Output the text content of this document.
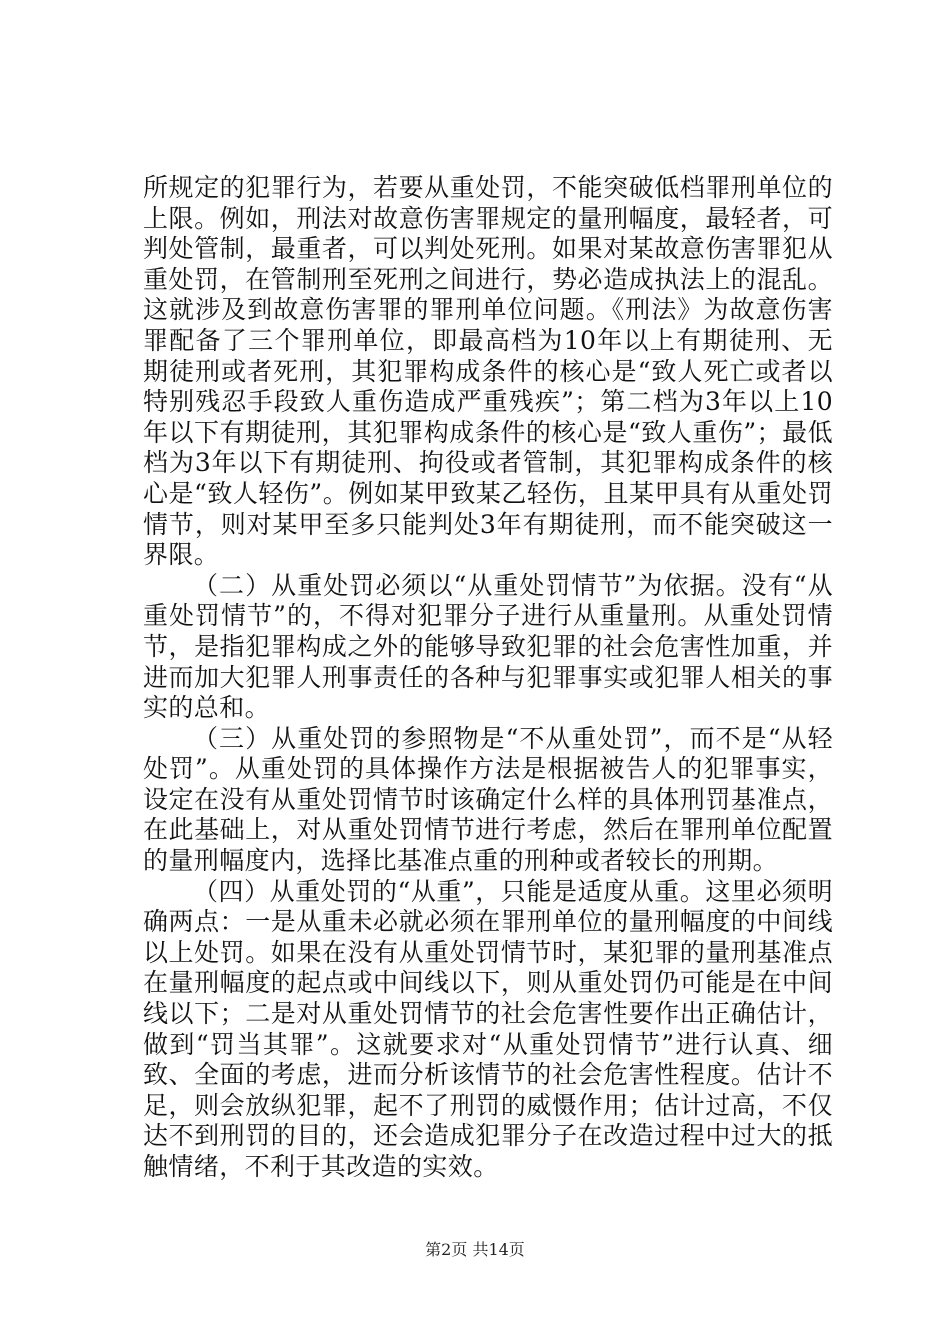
所规定的犯罪行为，若要从重处罚，不能突破低档罪刑单位的上限。例如，刑法对故意伤害罪规定的量刑幅度，最轻者，可判处管制，最重者，可以判处死刑。如果对某故意伤害罪犯从重处罚，在管制刑至死刑之间进行，势必造成执法上的混乱。这就涉及到故意伤害罪的罪刑单位问题。《刑法》为故意伤害罪配备了三个罪刑单位，即最高档为10年以上有期徒刑、无期徒刑或者死刑，其犯罪构成条件的核心是“致人死亡或者以特别残忍手段致人重伤造成严重残疾”；第二档为3年以上10年以下有期徒刑，其犯罪构成条件的核心是“致人重伤”；最低档为3年以下有期徒刑、拘役或者管制，其犯罪构成条件的核心是“致人轻伤”。例如某甲致某乙轻伤，且某甲具有从重处罚情节，则对某甲至多只能判处3年有期徒刑，而不能突破这一界限。

（二）从重处罚必须以“从重处罚情节”为依据。没有“从重处罚情节”的，不得对犯罪分子进行从重量刑。从重处罚情节，是指犯罪构成之外的能够导致犯罪的社会危害性加重，并进而加大犯罪人刑事责任的各种与犯罪事实或犯罪人相关的事实的总和。

（三）从重处罚的参照物是“不从重处罚”，而不是“从轻处罚”。从重处罚的具体操作方法是根据被告人的犯罪事实，设定在没有从重处罚情节时该确定什么样的具体刑罚基准点，在此基础上，对从重处罚情节进行考虑，然后在罪刑单位配置的量刑幅度内，选择比基准点重的刑种或者较长的刑期。

（四）从重处罚的“从重”，只能是适度从重。这里必须明确两点：一是从重未必就必须在罪刑单位的量刑幅度的中间线以上处罚。如果在没有从重处罚情节时，某犯罪的量刑基准点在量刑幅度的起点或中间线以下，则从重处罚仍可能是在中间线以下；二是对从重处罚情节的社会危害性要作出正确估计，做到“罚当其罪”。这就要求对“从重处罚情节”进行认真、细致、全面的考虑，进而分析该情节的社会危害性程度。估计不足，则会放纵犯罪，起不了刑罚的威慑作用；估计过高，不仅达不到刑罚的目的，还会造成犯罪分子在改造过程中过大的抵触情绪，不利于其改造的实效。

第2页 共14页
